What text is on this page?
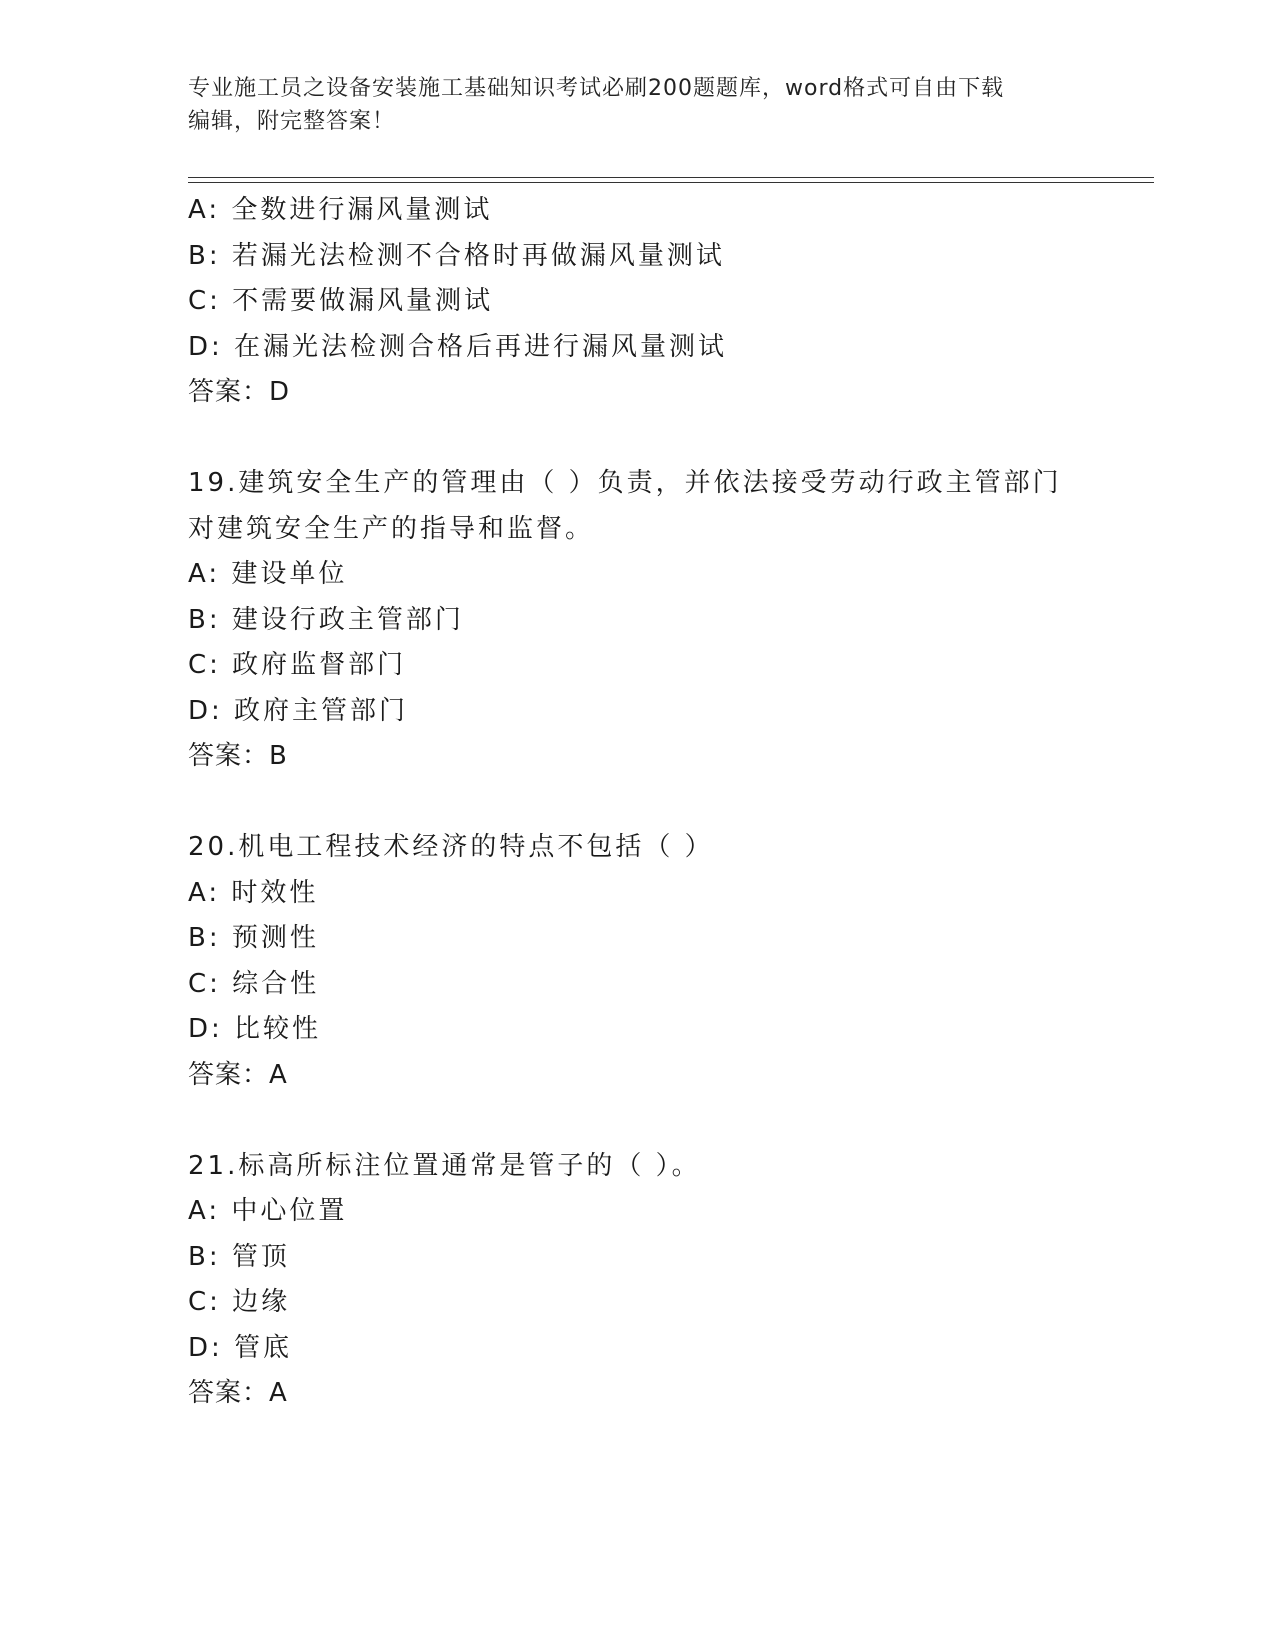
专业施工员之设备安装施工基础知识考试必刷200题题库，word格式可自由下载
编辑，附完整答案！
A: 全数进行漏风量测试
B: 若漏光法检测不合格时再做漏风量测试
C: 不需要做漏风量测试
D: 在漏光法检测合格后再进行漏风量测试
答案：D
19.建筑安全生产的管理由（ ）负责，并依法接受劳动行政主管部门
对建筑安全生产的指导和监督。
A: 建设单位
B: 建设行政主管部门
C: 政府监督部门
D: 政府主管部门
答案：B
20.机电工程技术经济的特点不包括（ ）
A: 时效性
B: 预测性
C: 综合性
D: 比较性
答案：A
21.标高所标注位置通常是管子的（ ）。
A: 中心位置
B: 管顶
C: 边缘
D: 管底
答案：A
